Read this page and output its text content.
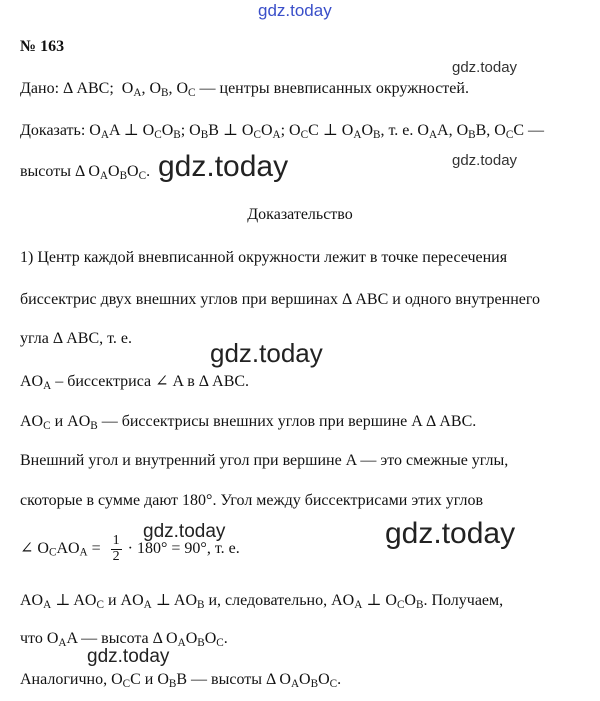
gdz.today
gdz.today
gdz.today
gdz.today
gdz.today
gdz.today
gdz.today
gdz.today
№ 163
Дано: Δ ABC;  $O_A$, $O_B$, $O_C$ — центры вневписанных окружностей.
Доказать: $O_AA$ ⊥ $O_CO_B$; $O_BB$ ⊥ $O_CO_A$; $O_CC$ ⊥ $O_AO_B$, т. е. $O_AA$, $O_BB$, $O_CC$ —
высоты Δ $O_AO_BO_C$.
Доказательство
1) Центр каждой вневписанной окружности лежит в точке пересечения
биссектрис двух внешних углов при вершинах Δ ABC и одного внутреннего
угла Δ ABC, т. е.
$AO_A$ – биссектриса ∠ A в Δ ABC.
$AO_C$ и $AO_B$ — биссектрисы внешних углов при вершине A Δ ABC.
Внешний угол и внутренний угол при вершине A — это смежные углы,
скоторые в сумме дают 180°. Угол между биссектрисами этих углов
∠ $O_CAO_A = \frac{1}{2} \cdot 180^\circ = 90^\circ$, т. е.
$AO_A$ ⊥ $AO_C$ и $AO_A$ ⊥ $AO_B$ и, следовательно, $AO_A$ ⊥ $O_CO_B$. Получаем,
что $O_AA$ — высота Δ $O_AO_BO_C$.
Аналогично, $O_CC$ и $O_BB$ — высоты Δ $O_AO_BO_C$.
